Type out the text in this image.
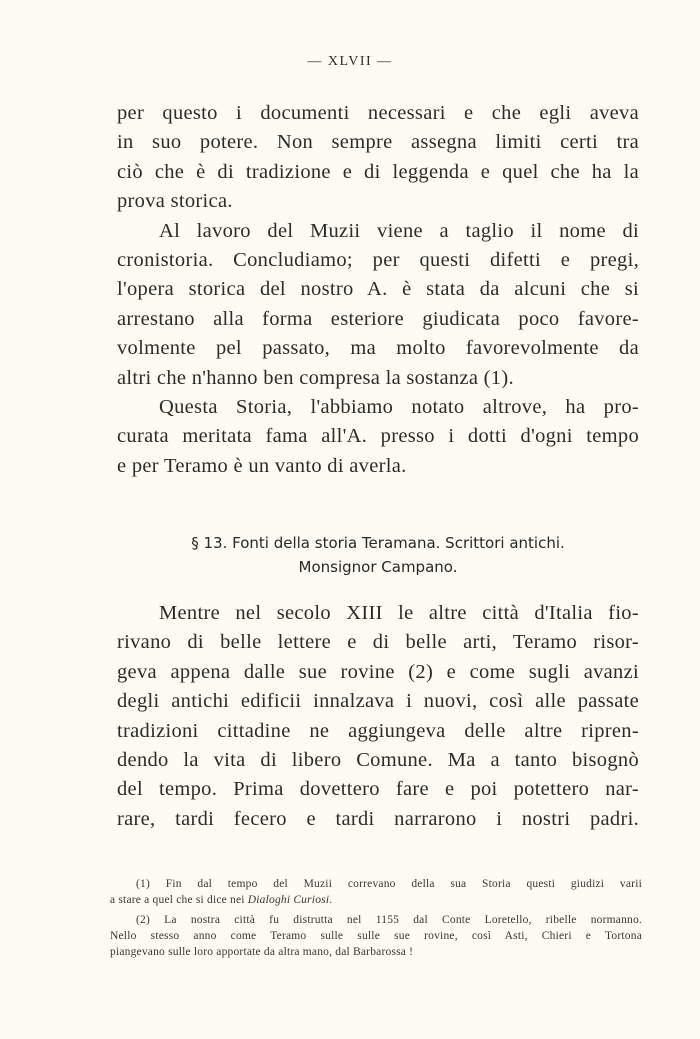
— XLVII —
per questo i documenti necessari e che egli aveva
in suo potere. Non sempre assegna limiti certi tra
ciò che è di tradizione e di leggenda e quel che ha la
prova storica.
Al lavoro del Muzii viene a taglio il nome di
cronistoria. Concludiamo; per questi difetti e pregi,
l'opera storica del nostro A. è stata da alcuni che si
arrestano alla forma esteriore giudicata poco favore-
volmente pel passato, ma molto favorevolmente da
altri che n'hanno ben compresa la sostanza (1).
Questa Storia, l'abbiamo notato altrove, ha pro-
curata meritata fama all'A. presso i dotti d'ogni tempo
e per Teramo è un vanto di averla.
§ 13. Fonti della storia Teramana. Scrittori antichi.
Monsignor Campano.
Mentre nel secolo XIII le altre città d'Italia fio-
rivano di belle lettere e di belle arti, Teramo risor-
geva appena dalle sue rovine (2) e come sugli avanzi
degli antichi edificii innalzava i nuovi, così alle passate
tradizioni cittadine ne aggiungeva delle altre ripren-
dendo la vita di libero Comune. Ma a tanto bisognò
del tempo. Prima dovettero fare e poi potettero nar-
rare, tardi fecero e tardi narrarono i nostri padri.
(1) Fin dal tempo del Muzii correvano della sua Storia questi giudizi varii
a stare a quel che si dice nei Dialoghi Curiosi.
(2) La nostra città fu distrutta nel 1155 dal Conte Loretello, ribelle normanno.
Nello stesso anno come Teramo sulle sulle sue rovine, così Asti, Chieri e Tortona
piangevano sulle loro apportate da altra mano, dal Barbarossa !
